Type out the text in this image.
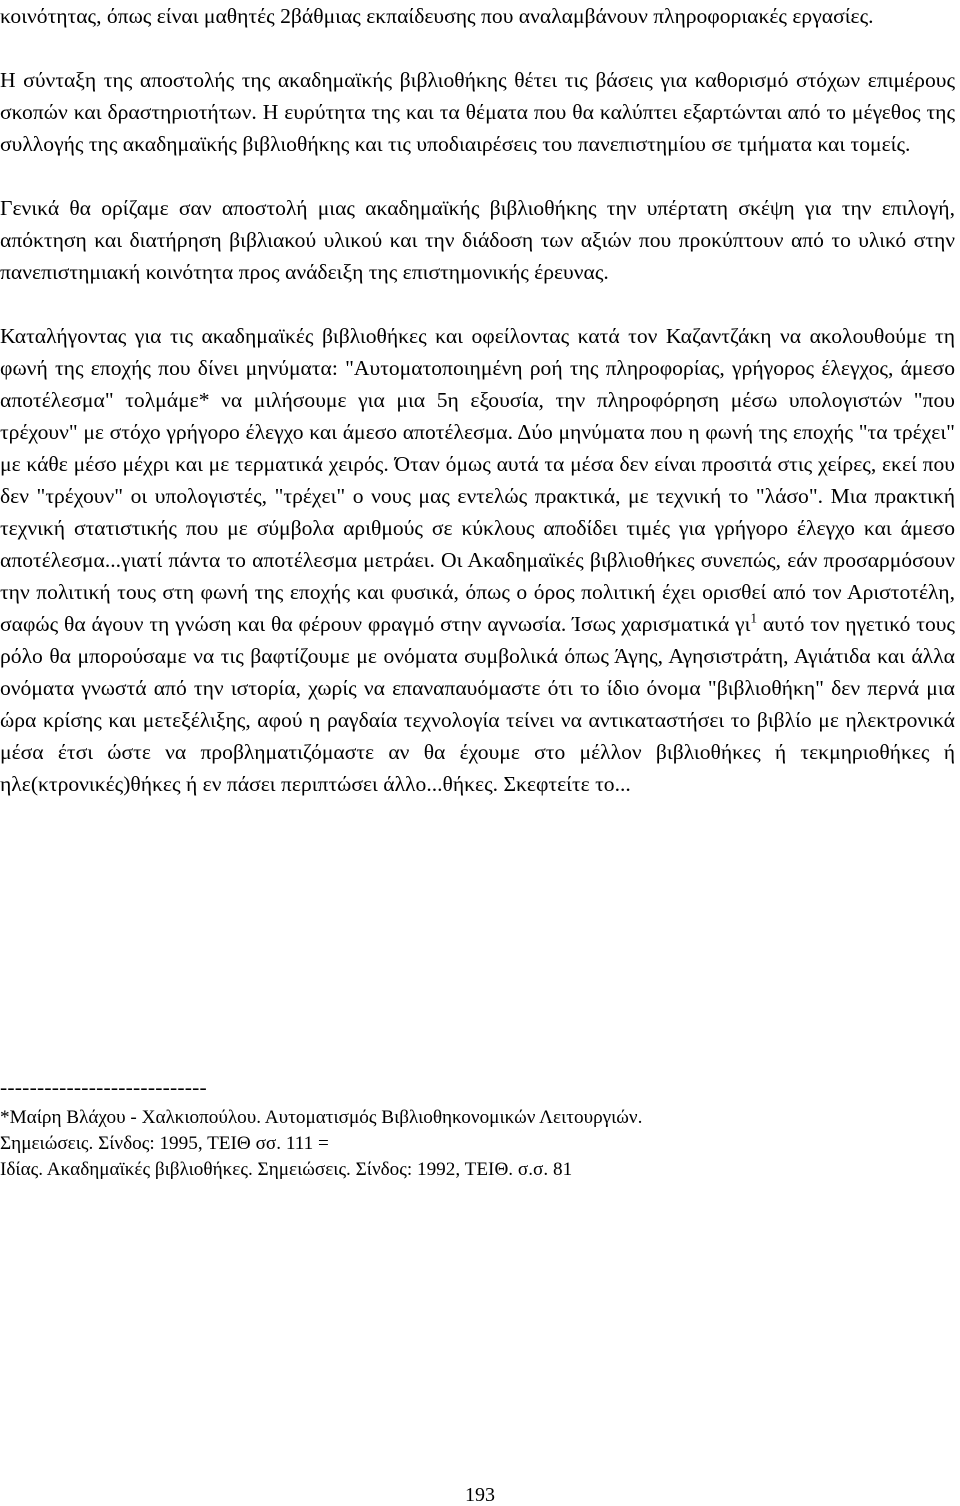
κοινότητας, όπως είναι μαθητές 2βάθμιας εκπαίδευσης που αναλαμβάνουν πληροφοριακές εργασίες.

Η σύνταξη της αποστολής της ακαδημαϊκής βιβλιοθήκης θέτει τις βάσεις για καθορισμό στόχων επιμέρους σκοπών και δραστηριοτήτων. Η ευρύτητα της και τα θέματα που θα καλύπτει εξαρτώνται από το μέγεθος της συλλογής της ακαδημαϊκής βιβλιοθήκης και τις υποδιαιρέσεις του πανεπιστημίου σε τμήματα και τομείς.

Γενικά θα ορίζαμε σαν αποστολή μιας ακαδημαϊκής βιβλιοθήκης την υπέρτατη σκέψη για την επιλογή, απόκτηση και διατήρηση βιβλιακού υλικού και την διάδοση των αξιών που προκύπτουν από το υλικό στην πανεπιστημιακή κοινότητα προς ανάδειξη της επιστημονικής έρευνας.

Καταλήγοντας για τις ακαδημαϊκές βιβλιοθήκες και οφείλοντας κατά τον Καζαντζάκη να ακολουθούμε τη φωνή της εποχής που δίνει μηνύματα: "Αυτοματοποιημένη ροή της πληροφορίας, γρήγορος έλεγχος, άμεσο αποτέλεσμα" τολμάμε* να μιλήσουμε για μια 5η εξουσία, την πληροφόρηση μέσω υπολογιστών "που τρέχουν" με στόχο γρήγορο έλεγχο και άμεσο αποτέλεσμα. Δύο μηνύματα που η φωνή της εποχής "τα τρέχει" με κάθε μέσο μέχρι και με τερματικά χειρός. Όταν όμως αυτά τα μέσα δεν είναι προσιτά στις χείρες, εκεί που δεν "τρέχουν" οι υπολογιστές, "τρέχει" ο νους μας εντελώς πρακτικά, με τεχνική το "λάσο". Μια πρακτική τεχνική στατιστικής που με σύμβολα αριθμούς σε κύκλους αποδίδει τιμές για γρήγορο έλεγχο και άμεσο αποτέλεσμα...γιατί πάντα το αποτέλεσμα μετράει. Οι Ακαδημαϊκές βιβλιοθήκες συνεπώς, εάν προσαρμόσουν την πολιτική τους στη φωνή της εποχής και φυσικά, όπως ο όρος πολιτική έχει ορισθεί από τον Αριστοτέλη, σαφώς θα άγουν τη γνώση και θα φέρουν φραγμό στην αγνωσία. Ίσως χαρισματικά $\gamma\iota^1$ αυτό τον ηγετικό τους ρόλο θα μπορούσαμε να τις βαφτίζουμε με ονόματα συμβολικά όπως Άγης, Αγησιστράτη, Αγιάτιδα και άλλα ονόματα γνωστά από την ιστορία, χωρίς να επαναπαυόμαστε ότι το ίδιο όνομα "βιβλιοθήκη" δεν περνά μια ώρα κρίσης και μετεξέλιξης, αφού η ραγδαία τεχνολογία τείνει να αντικαταστήσει το βιβλίο με ηλεκτρονικά μέσα έτσι ώστε να προβληματιζόμαστε αν θα έχουμε στο μέλλον βιβλιοθήκες ή τεκμηριοθήκες ή ηλε(κτρονικές)θήκες ή εν πάσει περιπτώσει άλλο...θήκες. Σκεφτείτε το...

----------------------------
*Μαίρη Βλάχου - Χαλκιοπούλου. Αυτοματισμός Βιβλιοθηκονομικών Λειτουργιών.
Σημειώσεις. Σίνδος: 1995, ΤΕΙΘ σσ. 111 =
Ιδίας. Ακαδημαϊκές βιβλιοθήκες. Σημειώσεις. Σίνδος: 1992, ΤΕΙΘ. σ.σ. 81
193
